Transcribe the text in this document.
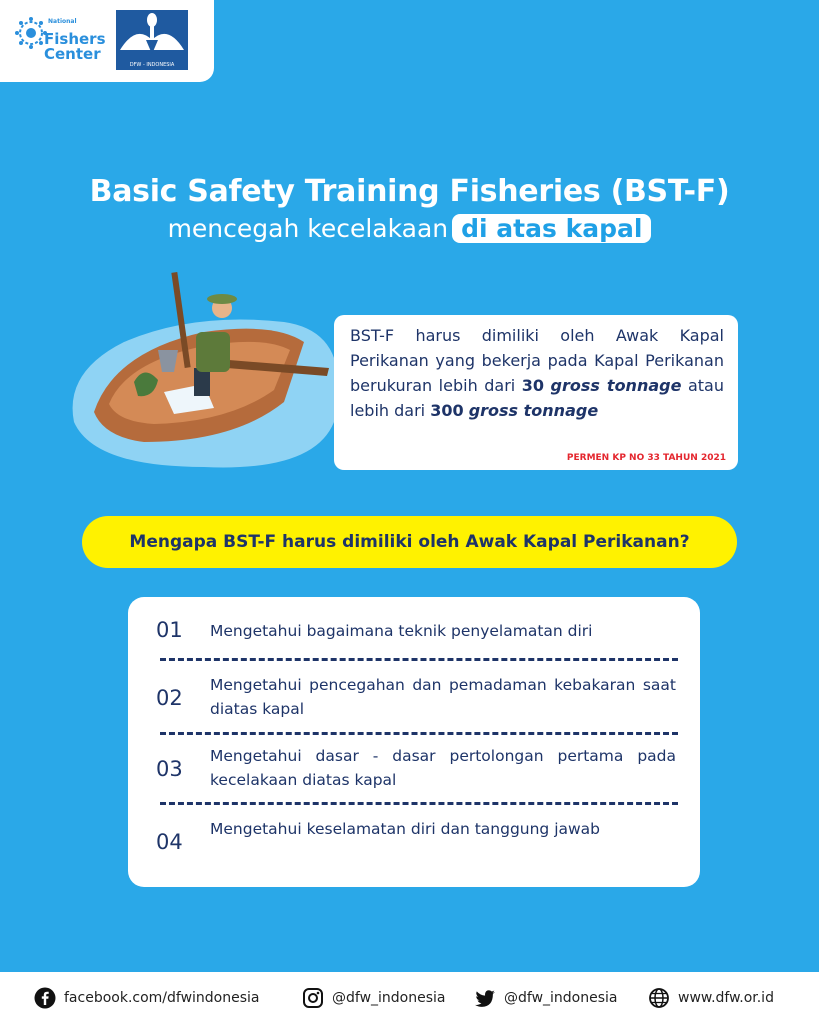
National
Fishers
Center
DFW - INDONESIA
Basic Safety Training Fisheries (BST-F)
mencegah kecelakaan di atas kapal

BST-F harus dimiliki oleh Awak Kapal Perikanan yang bekerja pada Kapal Perikanan berukuran lebih dari 30 gross tonnage atau lebih dari 300 gross tonnage

PERMEN KP NO 33 TAHUN 2021
Mengapa BST-F harus dimiliki oleh Awak Kapal Perikanan?
01 Mengetahui bagaimana teknik penyelamatan diri
02
Mengetahui pencegahan dan pemadaman kebakaran saat diatas kapal
03
Mengetahui dasar - dasar pertolongan pertama pada kecelakaan diatas kapal
04
Mengetahui keselamatan diri dan tanggung jawab
facebook.com/dfwindonesia	@dfw_indonesia	@dfw_indonesia	www.dfw.or.id
